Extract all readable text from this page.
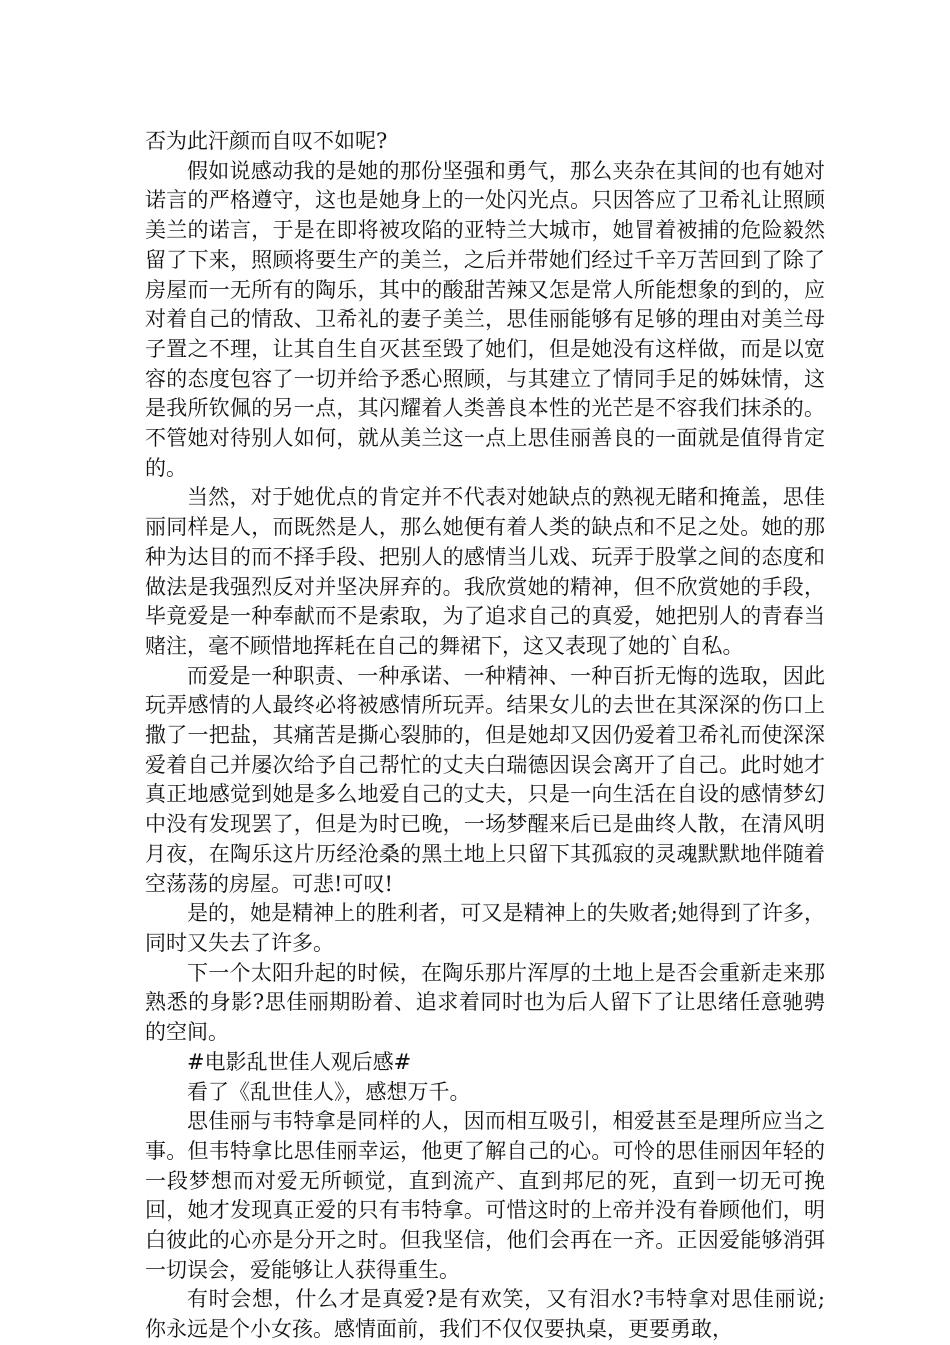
否为此汗颜而自叹不如呢?

假如说感动我的是她的那份坚强和勇气，那么夹杂在其间的也有她对诺言的严格遵守，这也是她身上的一处闪光点。只因答应了卫希礼让照顾美兰的诺言，于是在即将被攻陷的亚特兰大城市，她冒着被捕的危险毅然留了下来，照顾将要生产的美兰，之后并带她们经过千辛万苦回到了除了房屋而一无所有的陶乐，其中的酸甜苦辣又怎是常人所能想象的到的，应对着自己的情敌、卫希礼的妻子美兰，思佳丽能够有足够的理由对美兰母子置之不理，让其自生自灭甚至毁了她们，但是她没有这样做，而是以宽容的态度包容了一切并给予悉心照顾，与其建立了情同手足的姊妹情，这是我所钦佩的另一点，其闪耀着人类善良本性的光芒是不容我们抹杀的。不管她对待别人如何，就从美兰这一点上思佳丽善良的一面就是值得肯定的。

当然，对于她优点的肯定并不代表对她缺点的熟视无睹和掩盖，思佳丽同样是人，而既然是人，那么她便有着人类的缺点和不足之处。她的那种为达目的而不择手段、把别人的感情当儿戏、玩弄于股掌之间的态度和做法是我强烈反对并坚决屏弃的。我欣赏她的精神，但不欣赏她的手段，毕竟爱是一种奉献而不是索取，为了追求自己的真爱，她把别人的青春当赌注，毫不顾惜地挥耗在自己的舞裙下，这又表现了她的`自私。

而爱是一种职责、一种承诺、一种精神、一种百折无悔的选取，因此玩弄感情的人最终必将被感情所玩弄。结果女儿的去世在其深深的伤口上撒了一把盐，其痛苦是撕心裂肺的，但是她却又因仍爱着卫希礼而使深深爱着自己并屡次给予自己帮忙的丈夫白瑞德因误会离开了自己。此时她才真正地感觉到她是多么地爱自己的丈夫，只是一向生活在自设的感情梦幻中没有发现罢了，但是为时已晚，一场梦醒来后已是曲终人散，在清风明月夜，在陶乐这片历经沧桑的黑土地上只留下其孤寂的灵魂默默地伴随着空荡荡的房屋。可悲!可叹!

是的，她是精神上的胜利者，可又是精神上的失败者;她得到了许多，同时又失去了许多。

下一个太阳升起的时候，在陶乐那片浑厚的土地上是否会重新走来那熟悉的身影?思佳丽期盼着、追求着同时也为后人留下了让思绪任意驰骋的空间。

#电影乱世佳人观后感#

看了《乱世佳人》，感想万千。

思佳丽与韦特拿是同样的人，因而相互吸引，相爱甚至是理所应当之事。但韦特拿比思佳丽幸运，他更了解自己的心。可怜的思佳丽因年轻的一段梦想而对爱无所顿觉，直到流产、直到邦尼的死，直到一切无可挽回，她才发现真正爱的只有韦特拿。可惜这时的上帝并没有眷顾他们，明白彼此的心亦是分开之时。但我坚信，他们会再在一齐。正因爱能够消弭一切误会，爱能够让人获得重生。

有时会想，什么才是真爱?是有欢笑，又有泪水?韦特拿对思佳丽说;你永远是个小女孩。感情面前，我们不仅仅要执桌，更要勇敢，
